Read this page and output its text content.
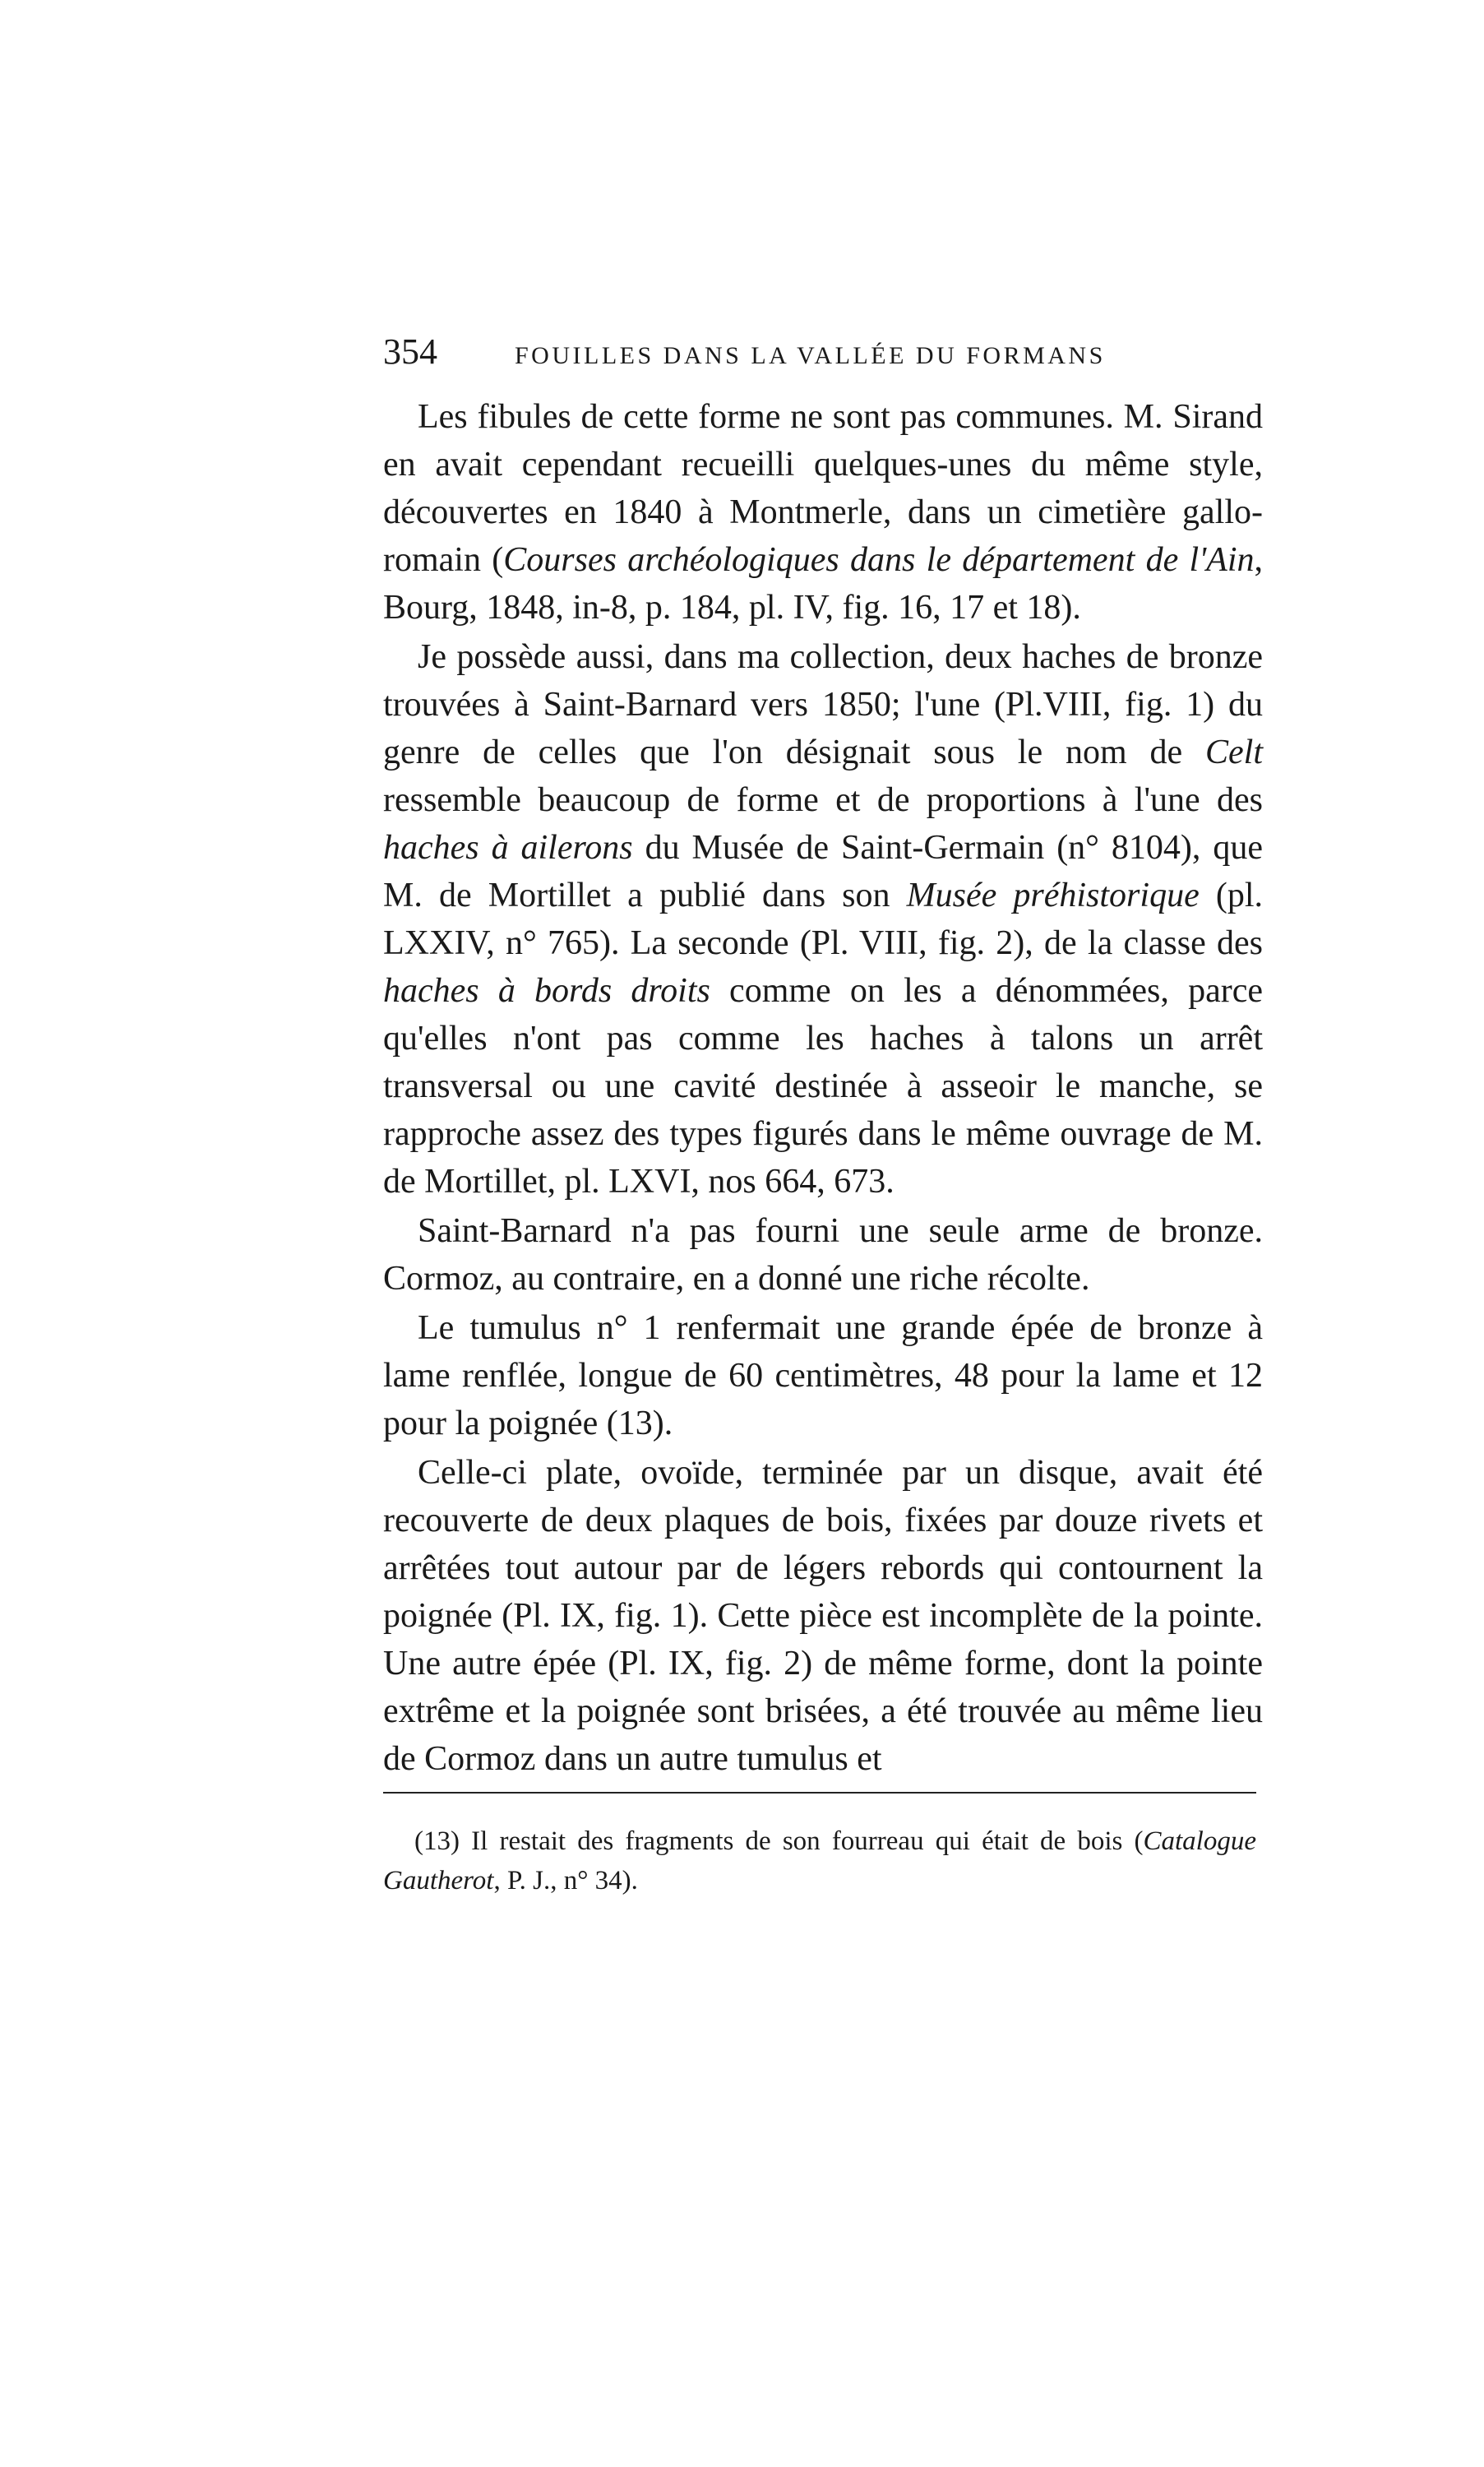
354	FOUILLES DANS LA VALLÉE DU FORMANS

Les fibules de cette forme ne sont pas communes. M. Sirand en avait cependant recueilli quelques-unes du même style, découvertes en 1840 à Montmerle, dans un cimetière gallo-romain (Courses archéologiques dans le département de l'Ain, Bourg, 1848, in-8, p. 184, pl. IV, fig. 16, 17 et 18).

Je possède aussi, dans ma collection, deux haches de bronze trouvées à Saint-Barnard vers 1850; l'une (Pl.VIII, fig. 1) du genre de celles que l'on désignait sous le nom de Celt ressemble beaucoup de forme et de proportions à l'une des haches à ailerons du Musée de Saint-Germain (n° 8104), que M. de Mortillet a publié dans son Musée préhistorique (pl. LXXIV, n° 765). La seconde (Pl. VIII, fig. 2), de la classe des haches à bords droits comme on les a dénommées, parce qu'elles n'ont pas comme les haches à talons un arrêt transversal ou une cavité destinée à asseoir le manche, se rapproche assez des types figurés dans le même ouvrage de M. de Mortillet, pl. LXVI, nos 664, 673.

Saint-Barnard n'a pas fourni une seule arme de bronze. Cormoz, au contraire, en a donné une riche récolte.

Le tumulus n° 1 renfermait une grande épée de bronze à lame renflée, longue de 60 centimètres, 48 pour la lame et 12 pour la poignée (13).

Celle-ci plate, ovoïde, terminée par un disque, avait été recouverte de deux plaques de bois, fixées par douze rivets et arrêtées tout autour par de légers rebords qui contournent la poignée (Pl. IX, fig. 1). Cette pièce est incomplète de la pointe. Une autre épée (Pl. IX, fig. 2) de même forme, dont la pointe extrême et la poignée sont brisées, a été trouvée au même lieu de Cormoz dans un autre tumulus et

(13) Il restait des fragments de son fourreau qui était de bois (Catalogue Gautherot, P. J., n° 34).
